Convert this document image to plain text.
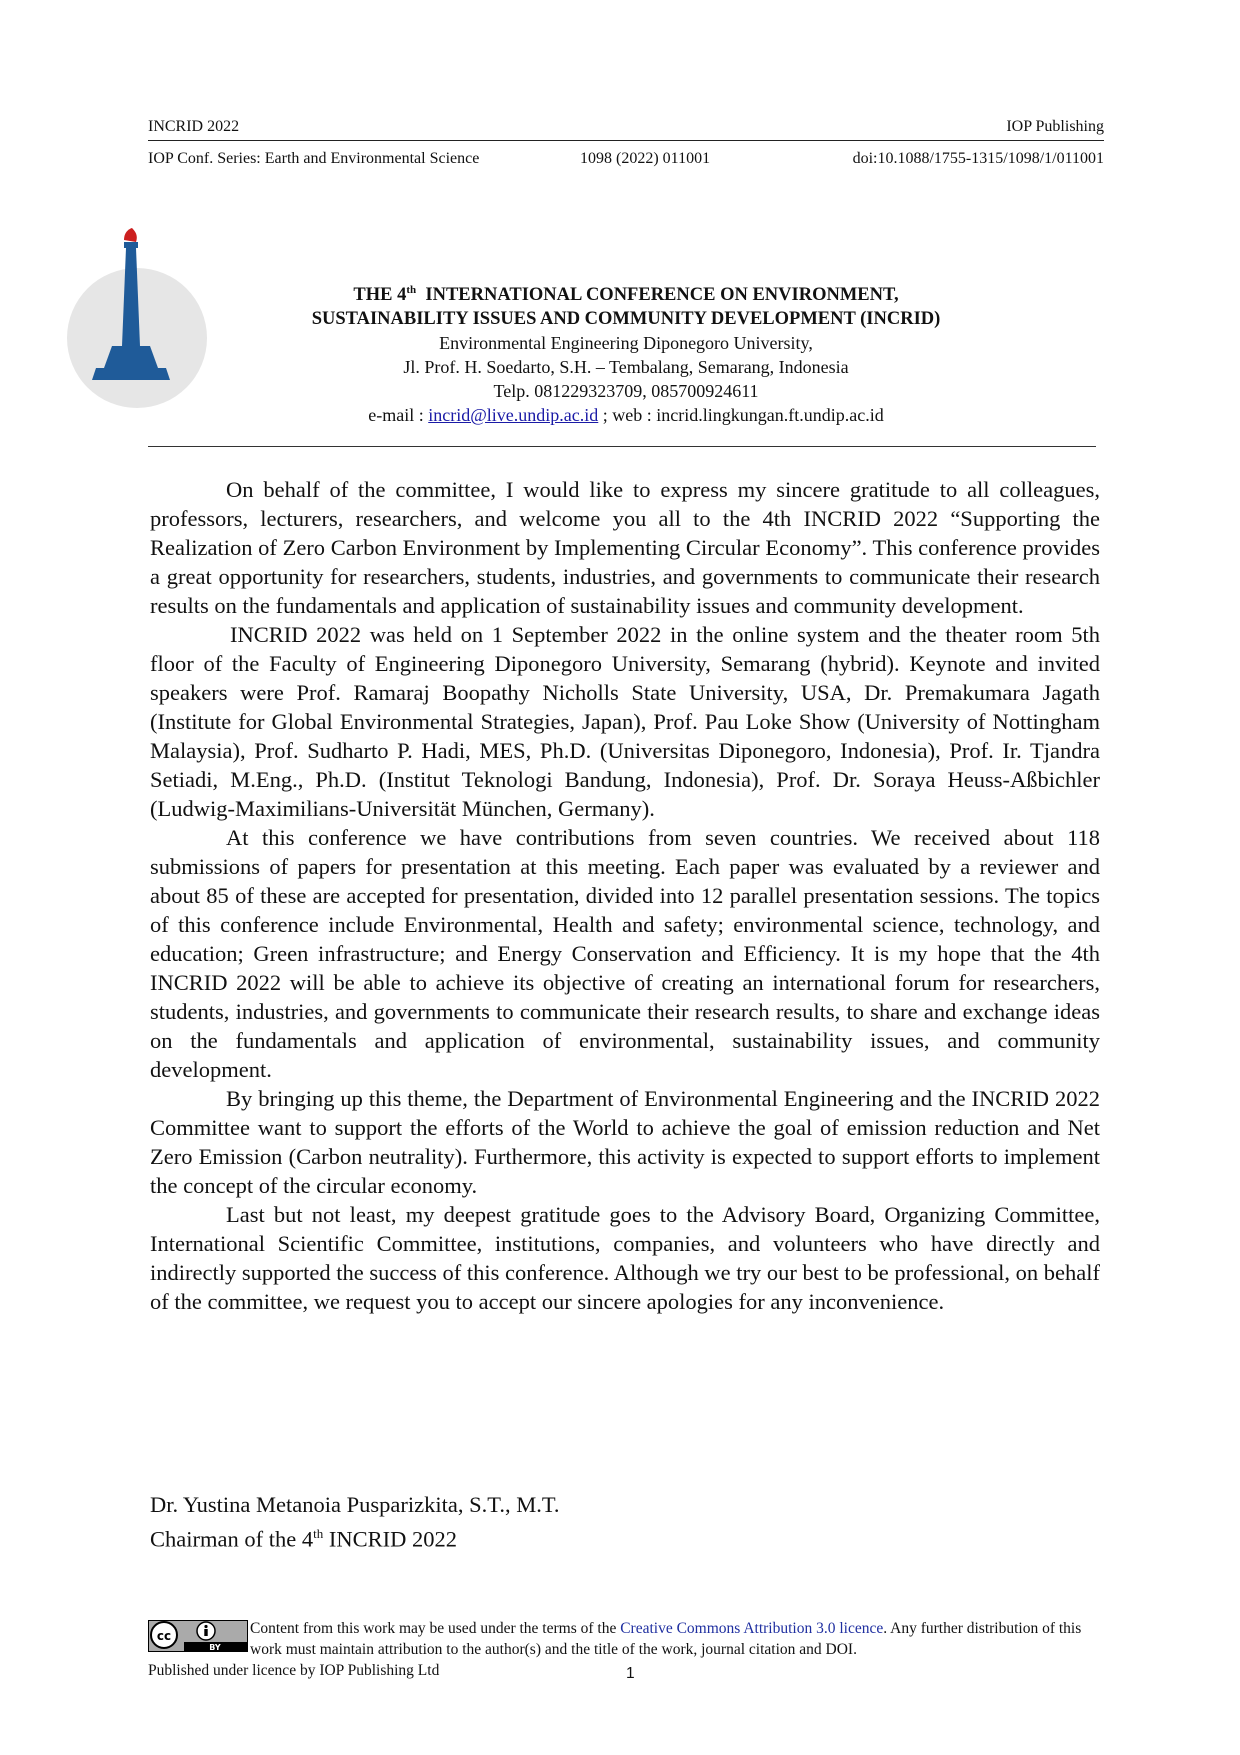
INCRID 2022	IOP Publishing
IOP Conf. Series: Earth and Environmental Science	1098 (2022) 011001	doi:10.1088/1755-1315/1098/1/011001

THE 4th INTERNATIONAL CONFERENCE ON ENVIRONMENT,

SUSTAINABILITY ISSUES AND COMMUNITY DEVELOPMENT (INCRID)

Environmental Engineering Diponegoro University,

Jl. Prof. H. Soedarto, S.H. – Tembalang, Semarang, Indonesia

Telp. 081229323709, 085700924611

e-mail : incrid@live.undip.ac.id ; web : incrid.lingkungan.ft.undip.ac.id

On behalf of the committee, I would like to express my sincere gratitude to all colleagues, professors, lecturers, researchers, and welcome you all to the 4th INCRID 2022 “Supporting the Realization of Zero Carbon Environment by Implementing Circular Economy”. This conference provides a great opportunity for researchers, students, industries, and governments to communicate their research results on the fundamentals and application of sustainability issues and community development.

INCRID 2022 was held on 1 September 2022 in the online system and the theater room 5th floor of the Faculty of Engineering Diponegoro University, Semarang (hybrid). Keynote and invited speakers were Prof. Ramaraj Boopathy Nicholls State University, USA, Dr. Premakumara Jagath (Institute for Global Environmental Strategies, Japan), Prof. Pau Loke Show (University of Nottingham Malaysia), Prof. Sudharto P. Hadi, MES, Ph.D. (Universitas Diponegoro, Indonesia), Prof. Ir. Tjandra Setiadi, M.Eng., Ph.D. (Institut Teknologi Bandung, Indonesia), Prof. Dr. Soraya Heuss-Aßbichler (Ludwig-Maximilians-Universität München, Germany).

At this conference we have contributions from seven countries. We received about 118 submissions of papers for presentation at this meeting. Each paper was evaluated by a reviewer and about 85 of these are accepted for presentation, divided into 12 parallel presentation sessions. The topics of this conference include Environmental, Health and safety; environmental science, technology, and education; Green infrastructure; and Energy Conservation and Efficiency. It is my hope that the 4th INCRID 2022 will be able to achieve its objective of creating an international forum for researchers, students, industries, and governments to communicate their research results, to share and exchange ideas on the fundamentals and application of environmental, sustainability issues, and community development.

By bringing up this theme, the Department of Environmental Engineering and the INCRID 2022 Committee want to support the efforts of the World to achieve the goal of emission reduction and Net Zero Emission (Carbon neutrality). Furthermore, this activity is expected to support efforts to implement the concept of the circular economy.

Last but not least, my deepest gratitude goes to the Advisory Board, Organizing Committee, International Scientific Committee, institutions, companies, and volunteers who have directly and indirectly supported the success of this conference. Although we try our best to be professional, on behalf of the committee, we request you to accept our sincere apologies for any inconvenience.

Dr. Yustina Metanoia Pusparizkita, S.T., M.T.
Chairman of the 4th INCRID 2022
cc
BY
Content from this work may be used under the terms of the Creative Commons Attribution 3.0 licence. Any further distribution of this work must maintain attribution to the author(s) and the title of the work, journal citation and DOI.
Published under licence by IOP Publishing Ltd	1
